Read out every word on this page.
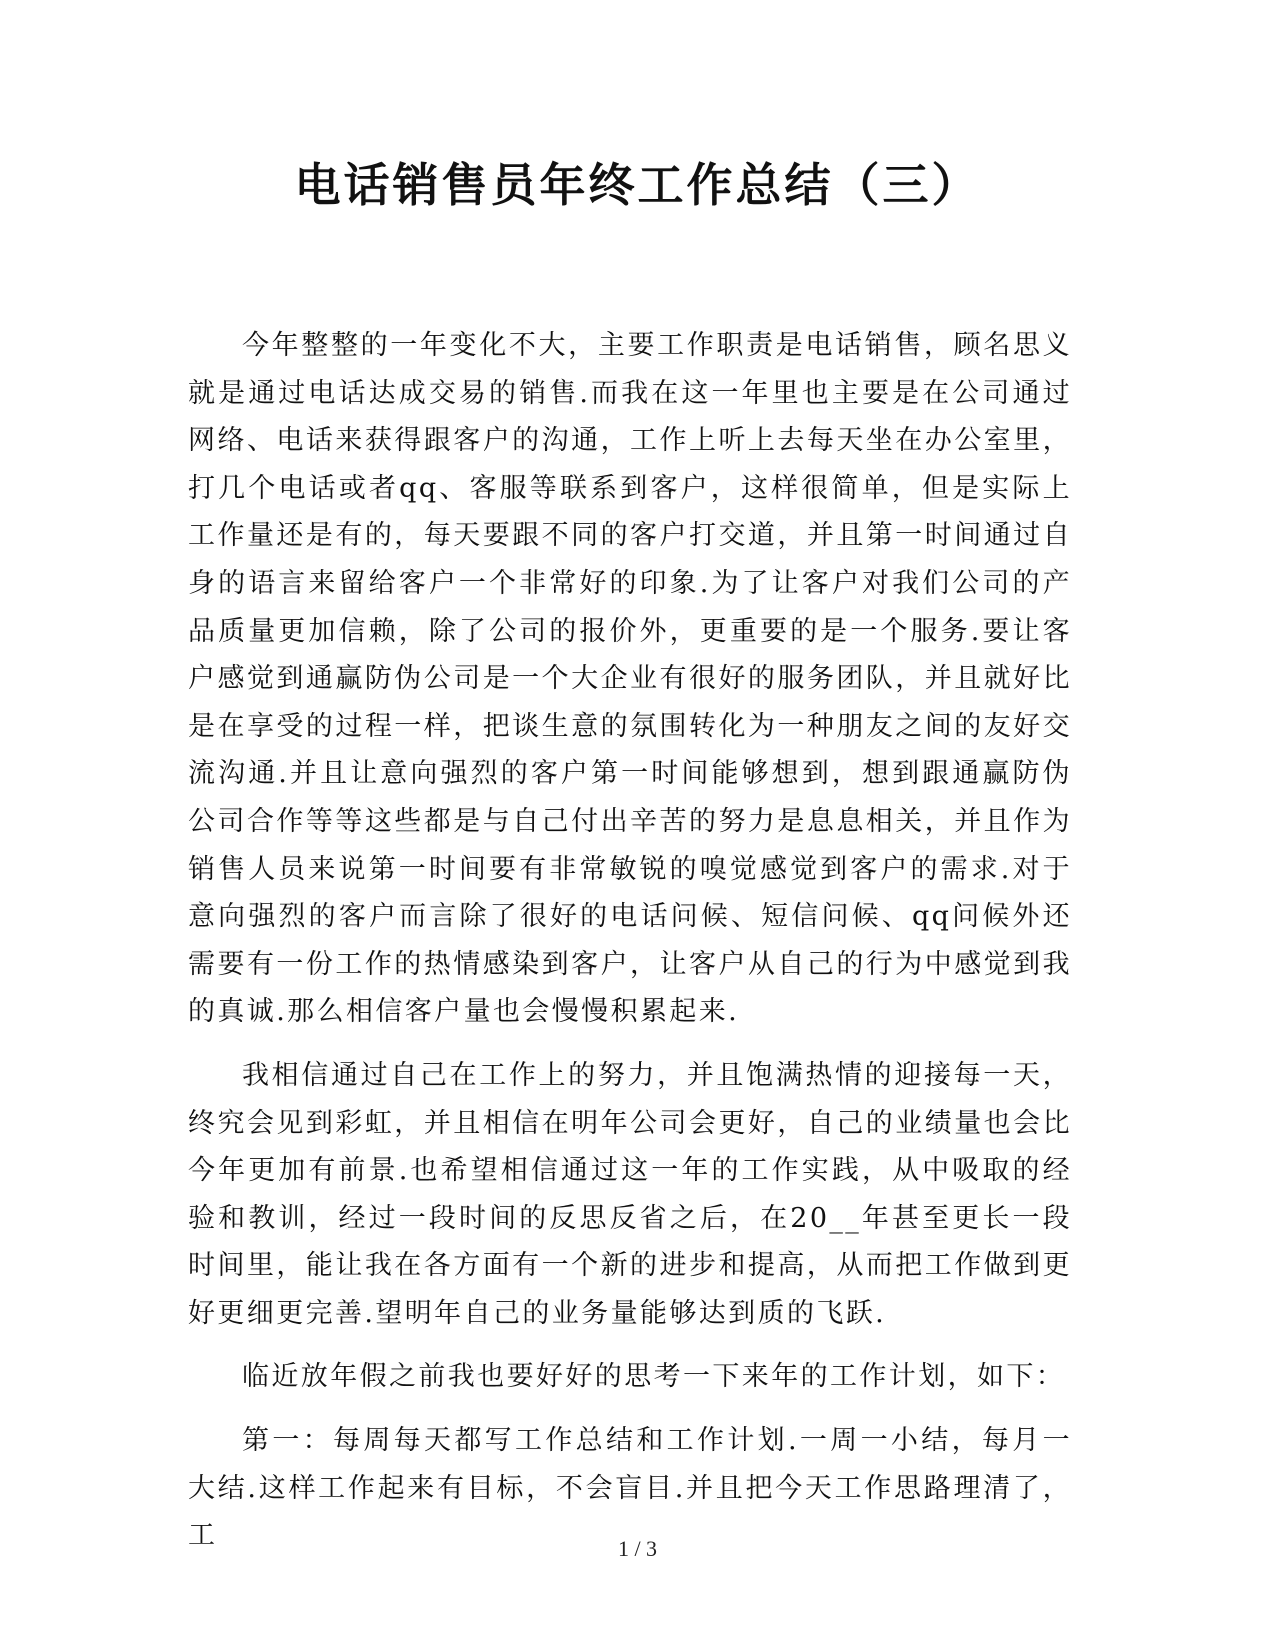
电话销售员年终工作总结（三）

今年整整的一年变化不大，主要工作职责是电话销售，顾名思义就是通过电话达成交易的销售.而我在这一年里也主要是在公司通过网络、电话来获得跟客户的沟通，工作上听上去每天坐在办公室里，打几个电话或者qq、客服等联系到客户，这样很简单，但是实际上工作量还是有的，每天要跟不同的客户打交道，并且第一时间通过自身的语言来留给客户一个非常好的印象.为了让客户对我们公司的产品质量更加信赖，除了公司的报价外，更重要的是一个服务.要让客户感觉到通赢防伪公司是一个大企业有很好的服务团队，并且就好比是在享受的过程一样，把谈生意的氛围转化为一种朋友之间的友好交流沟通.并且让意向强烈的客户第一时间能够想到，想到跟通赢防伪公司合作等等这些都是与自己付出辛苦的努力是息息相关，并且作为销售人员来说第一时间要有非常敏锐的嗅觉感觉到客户的需求.对于意向强烈的客户而言除了很好的电话问候、短信问候、qq问候外还需要有一份工作的热情感染到客户，让客户从自己的行为中感觉到我的真诚.那么相信客户量也会慢慢积累起来.

我相信通过自己在工作上的努力，并且饱满热情的迎接每一天，终究会见到彩虹，并且相信在明年公司会更好，自己的业绩量也会比今年更加有前景.也希望相信通过这一年的工作实践，从中吸取的经验和教训，经过一段时间的反思反省之后，在20__年甚至更长一段时间里，能让我在各方面有一个新的进步和提高，从而把工作做到更好更细更完善.望明年自己的业务量能够达到质的飞跃.

临近放年假之前我也要好好的思考一下来年的工作计划，如下：

第一：每周每天都写工作总结和工作计划.一周一小结，每月一大结.这样工作起来有目标，不会盲目.并且把今天工作思路理清了，工	1 / 3
